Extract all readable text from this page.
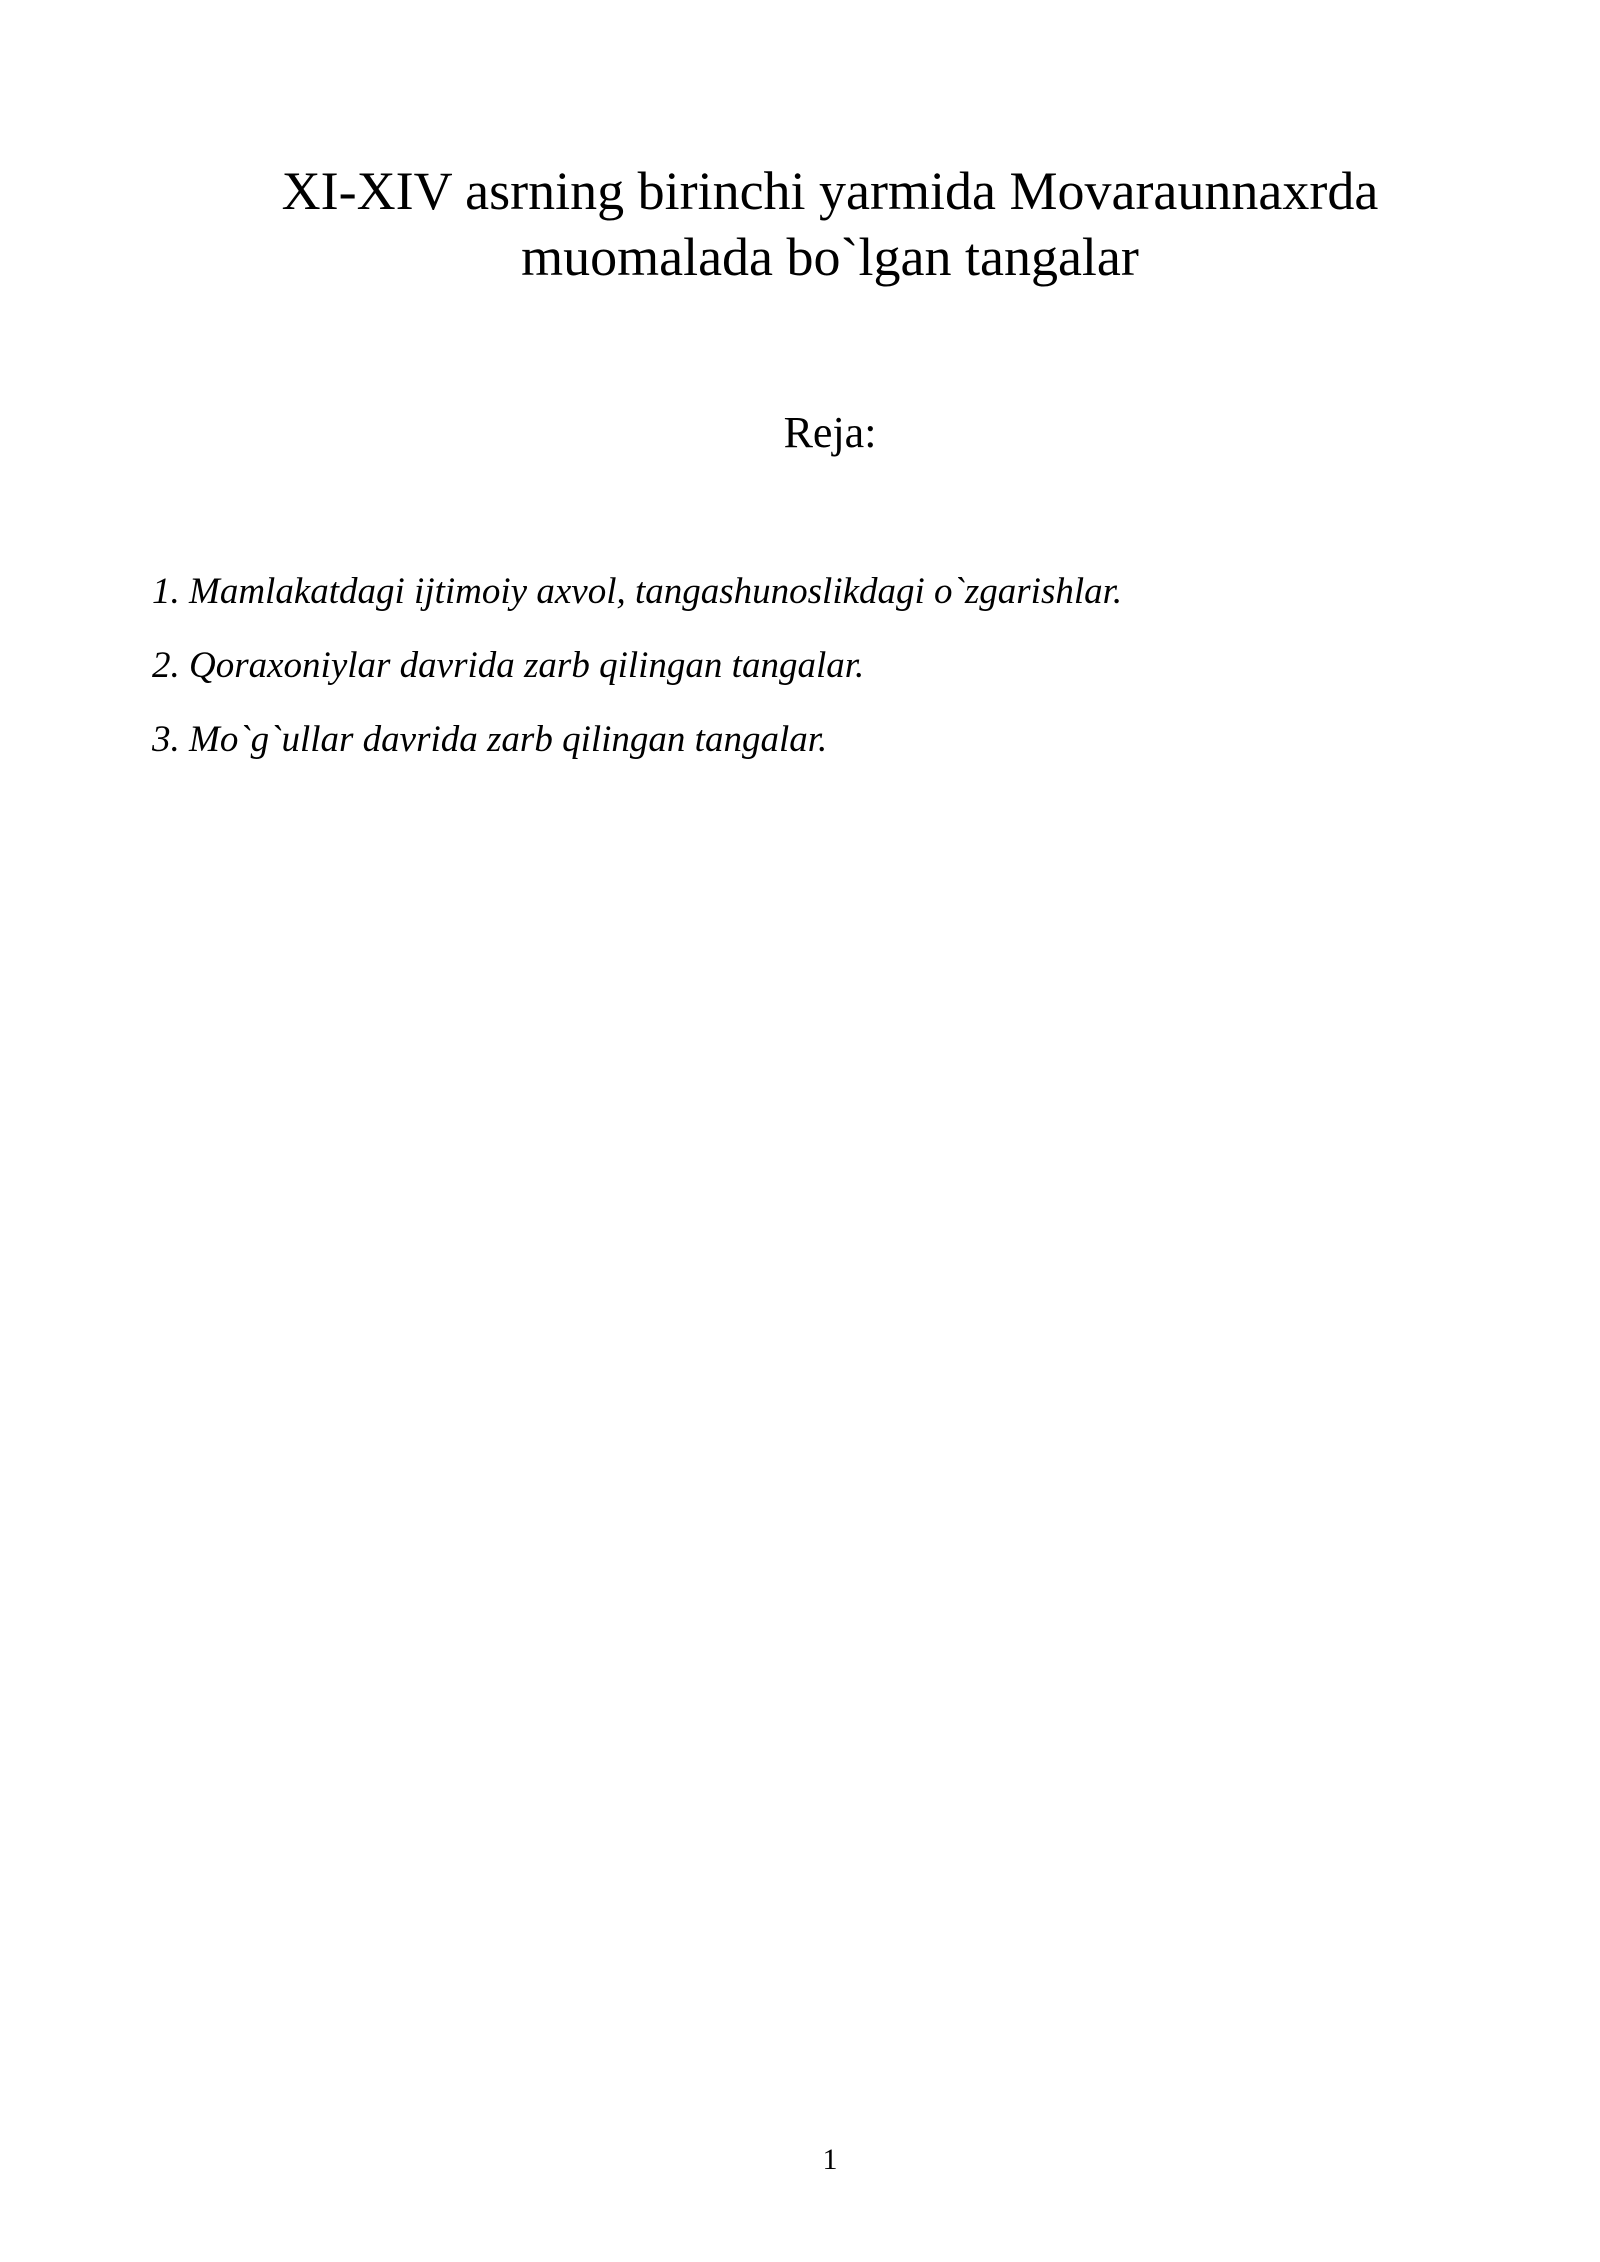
XI-XIV asrning birinchi yarmida Movaraunnaxrda
muomalada bo`lgan tangalar
Reja:
1. Mamlakatdagi ijtimoiy axvol, tangashunoslikdagi o`zgarishlar.
2. Qoraxoniylar davrida zarb qilingan tangalar.
3. Mo`g`ullar davrida zarb qilingan tangalar.
1
